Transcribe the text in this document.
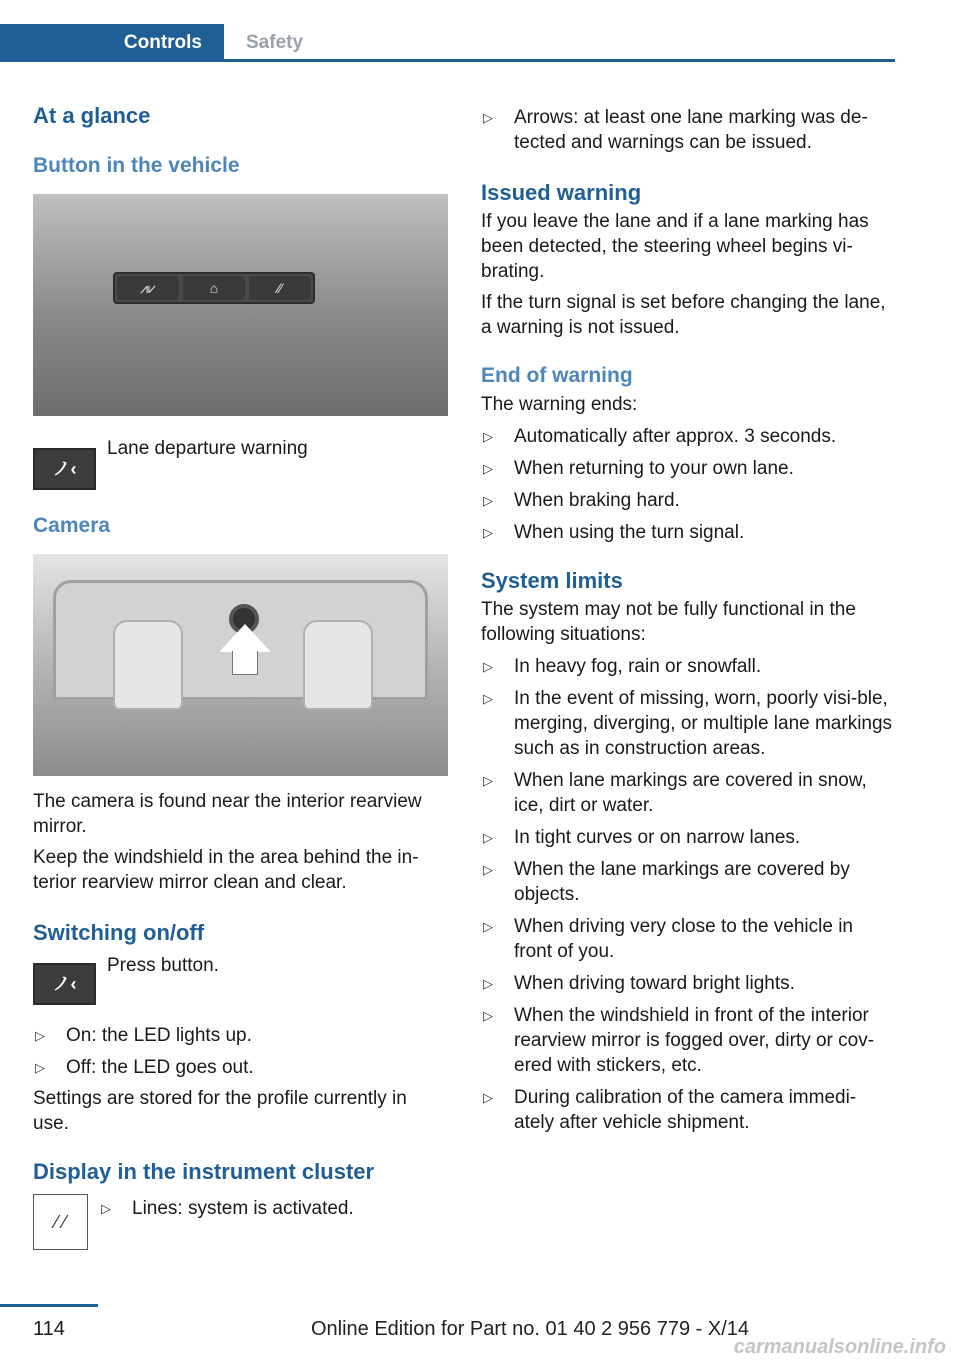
Controls	Safety
At a glance
Button in the vehicle
⩘⩗	⌂	⁄⁄
ノ‹

Lane departure warning

Camera

The camera is found near the interior rearview mirror.

Keep the windshield in the area behind the in‐terior rearview mirror clean and clear.

Switching on/off
ノ‹

Press button.

▷ On: the LED lights up.
▷ Off: the LED goes out.

Settings are stored for the profile currently in use.

Display in the instrument cluster
⁄ ⁄
▷ Lines: system is activated.
▷ Arrows: at least one lane marking was de‐tected and warnings can be issued.
Issued warning

If you leave the lane and if a lane marking has been detected, the steering wheel begins vi‐brating.

If the turn signal is set before changing the lane, a warning is not issued.

End of warning

The warning ends:

▷ Automatically after approx. 3 seconds.
▷ When returning to your own lane.
▷ When braking hard.
▷ When using the turn signal.
System limits

The system may not be fully functional in the following situations:

▷ In heavy fog, rain or snowfall.
▷ In the event of missing, worn, poorly visi‐ble, merging, diverging, or multiple lane markings such as in construction areas.
▷ When lane markings are covered in snow, ice, dirt or water.
▷ In tight curves or on narrow lanes.
▷ When the lane markings are covered by objects.
▷ When driving very close to the vehicle in front of you.
▷ When driving toward bright lights.
▷ When the windshield in front of the interior rearview mirror is fogged over, dirty or cov‐ered with stickers, etc.
▷ During calibration of the camera immedi‐ately after vehicle shipment.
114	Online Edition for Part no. 01 40 2 956 779 - X/14
carmanualsonline.info
